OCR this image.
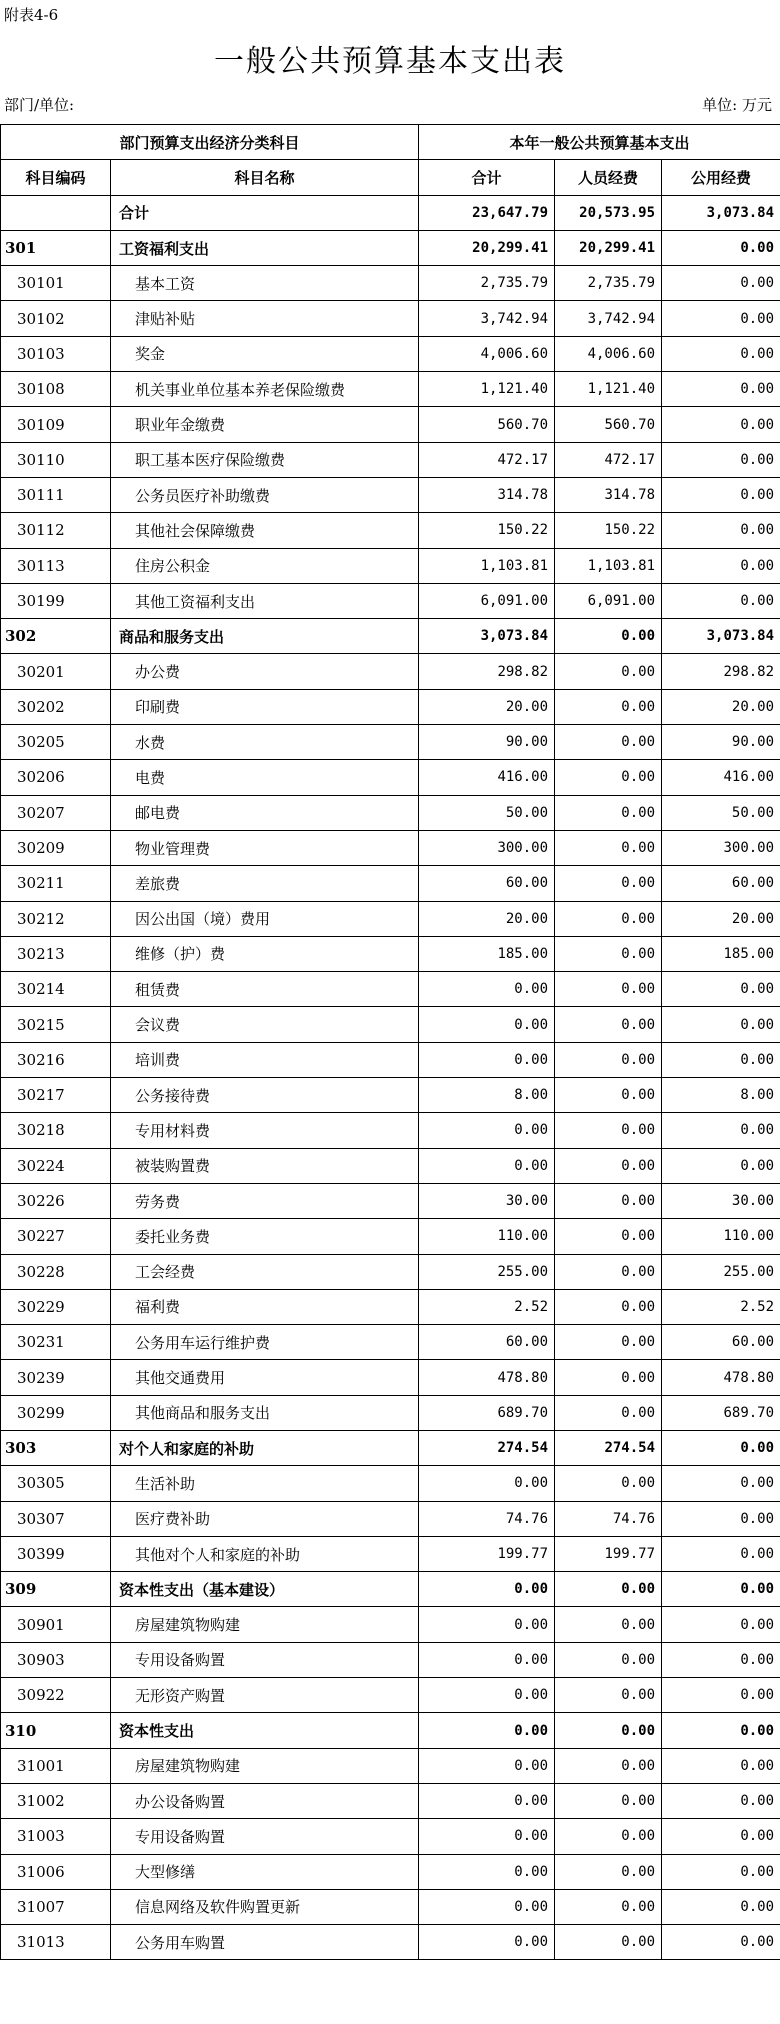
附表4-6
一般公共预算基本支出表
部门/单位:	单位: 万元
部门预算支出经济分类科目		本年一般公共预算基本支出		
科目编码	科目名称	合计	人员经费	公用经费
	合计	23,647.79	20,573.95	3,073.84
301	工资福利支出	20,299.41	20,299.41	0.00
30101	基本工资	2,735.79	2,735.79	0.00
30102	津贴补贴	3,742.94	3,742.94	0.00
30103	奖金	4,006.60	4,006.60	0.00
30108	机关事业单位基本养老保险缴费	1,121.40	1,121.40	0.00
30109	职业年金缴费	560.70	560.70	0.00
30110	职工基本医疗保险缴费	472.17	472.17	0.00
30111	公务员医疗补助缴费	314.78	314.78	0.00
30112	其他社会保障缴费	150.22	150.22	0.00
30113	住房公积金	1,103.81	1,103.81	0.00
30199	其他工资福利支出	6,091.00	6,091.00	0.00
302	商品和服务支出	3,073.84	0.00	3,073.84
30201	办公费	298.82	0.00	298.82
30202	印刷费	20.00	0.00	20.00
30205	水费	90.00	0.00	90.00
30206	电费	416.00	0.00	416.00
30207	邮电费	50.00	0.00	50.00
30209	物业管理费	300.00	0.00	300.00
30211	差旅费	60.00	0.00	60.00
30212	因公出国（境）费用	20.00	0.00	20.00
30213	维修（护）费	185.00	0.00	185.00
30214	租赁费	0.00	0.00	0.00
30215	会议费	0.00	0.00	0.00
30216	培训费	0.00	0.00	0.00
30217	公务接待费	8.00	0.00	8.00
30218	专用材料费	0.00	0.00	0.00
30224	被装购置费	0.00	0.00	0.00
30226	劳务费	30.00	0.00	30.00
30227	委托业务费	110.00	0.00	110.00
30228	工会经费	255.00	0.00	255.00
30229	福利费	2.52	0.00	2.52
30231	公务用车运行维护费	60.00	0.00	60.00
30239	其他交通费用	478.80	0.00	478.80
30299	其他商品和服务支出	689.70	0.00	689.70
303	对个人和家庭的补助	274.54	274.54	0.00
30305	生活补助	0.00	0.00	0.00
30307	医疗费补助	74.76	74.76	0.00
30399	其他对个人和家庭的补助	199.77	199.77	0.00
309	资本性支出（基本建设）	0.00	0.00	0.00
30901	房屋建筑物购建	0.00	0.00	0.00
30903	专用设备购置	0.00	0.00	0.00
30922	无形资产购置	0.00	0.00	0.00
310	资本性支出	0.00	0.00	0.00
31001	房屋建筑物购建	0.00	0.00	0.00
31002	办公设备购置	0.00	0.00	0.00
31003	专用设备购置	0.00	0.00	0.00
31006	大型修缮	0.00	0.00	0.00
31007	信息网络及软件购置更新	0.00	0.00	0.00
31013	公务用车购置	0.00	0.00	0.00
